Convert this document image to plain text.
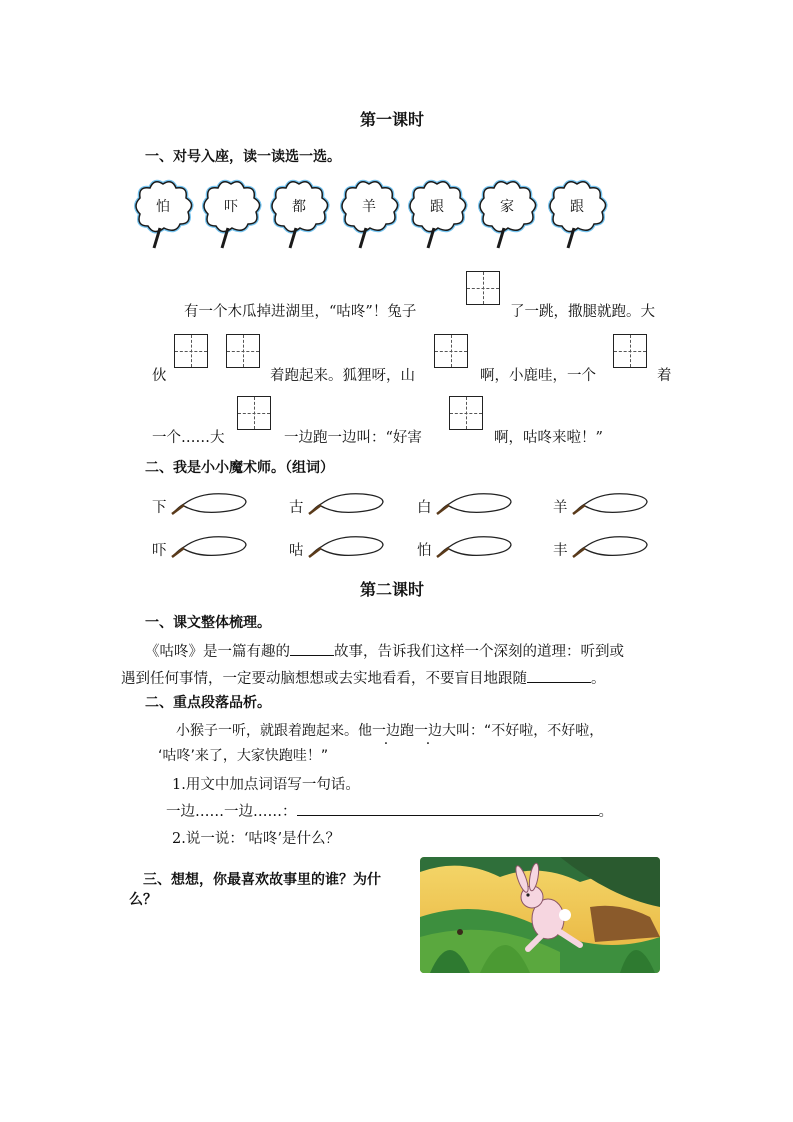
第一课时
一、对号入座，读一读选一选。
怕	吓	都	羊	跟	家	跟
有一个木瓜掉进湖里，“咕咚”！兔子	了一跳，撒腿就跑。大
伙	着跑起来。狐狸呀，山	啊，小鹿哇，一个	着
一个……大	一边跑一边叫：“好害	啊，咕咚来啦！”
二、我是小小魔术师。（组词）
下	古	白	羊
吓	咕	怕	丰
第二课时
一、课文整体梳理。
《咕咚》是一篇有趣的	故事，告诉我们这样一个深刻的道理：听到或
遇到任何事情，一定要动脑想想或去实地看看，不要盲目地跟随	。
二、重点段落品析。
小猴子一听，就跟着跑起来。他一边跑一边大叫：“不好啦，不好啦，
‘咕咚’来了，大家快跑哇！”
1.用文中加点词语写一句话。
一边……一边……：	。
2.说一说：‘咕咚’是什么？
三、想想，你最喜欢故事里的谁？为什
么？
